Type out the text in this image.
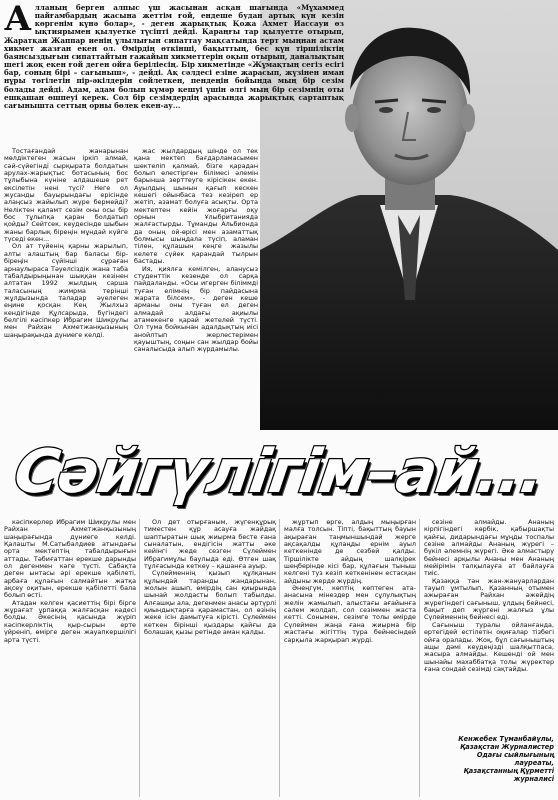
А лланың берген алпыс үш жасынан асқан шағында «Мұхаммед пайғамбардың жасына жеттім ғой, ендеше будан артық күн кезін көргенім күнә болар», - деген жарықтық Қожа Ахмет Иассауи өз ықтиярымен қылуетке түсіпті дейді. Қараңғы тар қылуетте отырып, Жаратқан Жаппар иенің ұлылығын сипаттау мақсатында терт мыңнан астам хикмет жазған екен ол. Өмірдің өткінші, бақыттың, бес күн тіршіліктің баянсыздығын сипаттайтын ғажайып хикметтерін оқып отырып, даналықтың шегі жоқ екен ғой деген ойға беріліесің. Бір хикметінде «Жұмақтың сегіз есігі бар, соның бірі – сағыныш», - дейді. Ақ сәлдесі езіне жарасып, жүзінен иман нұры төгілетін пір-әкілдерін сөйлеткен, пендеңін бойында мың бір сезім болады дейді. Адам, адам болып күмәр кешуі үшін әлгі мың бір сезімнің оты ешқашан өшпеуі керек. Сол бір сезімдердің арасында жарықтық сартаптық сағынышта сеттың орны бөлек екен-ау...

Тостағандай жанарынан мөлдіктеген жасын іркіп алмай, сәй-сүйегінді сырқырата болдатын арулах-жарықтыс ботасының бос тұлыбына күніне алдашеше рет ексілетін нені түсі? Неге ол жусанды бауырындағы ерісінде алаңсыз жайылып жүре бермейді? Неліктен қаламт сезім оны осы бір бос тұлыпқа қаран болдатып қойды? Сейтсек, кеудесінде шыбын жаны барлық біреңін мұндай күйге түседі екен...

Ол ат түйенің қарны жарылып, алты алаштың бар баласы бір-біреңін сүйінші сұраған арнаулыраса Тәуелсіздік жана таба табалдырыңынан шыққан кезінен алтатан 1992 жылдың сарша таласының жимрма терінші жұлдызында таладар әуелеген еңине қосқан Кең Жылхыз кендігінде Құлсарыда, бүгіндегі белгілі кәсіпкер Ибрагим Шикрулы мен Райхан Ахметжанқызының шаңырақында дүниеге келді.

жас жылдардың шінде ол тек қана мектеп бағдарламасымен шектеліп қалмай, бізге қарадан болып өлестірген білімесі әлемін барынша зерттеуге кірісікен екен. Ауылдың шынын қағып кескен кешегі ойынбаса тез кезіреп ер жетіп, азамат болуға асықты. Орта мектептен кейін жоғарғы оқу орнын Ұлыбританияда жалғастырды. Тұманды Альбионда да оның ой-өрісі мен азаматтық болмысы шыңдала түсіп, аламан тілен, құлашын кеңге жазылы келете сүйек қарандай тылрын бастады.

Ия, қиялға кемілген, аланусыз студенттік кезенде ол сарқа пайдаланды. «Осы игерген біліммді туған елімнің бір пайдасына жарата білсем», - деген кеше арманы оны туған ел деген алмадай алдағы ақиылы атамекенге қарай жетелей түсті. Ол тума бойкынан адалдықтың иісі анойлтып жерлестерімен қауыштың, соңын сан жылдар бойы саналысыда алып жүрдамылы.

Сәйгүлігім–ай...

кәсіпкерлер Ибрагим Шикрулы мен Райхан Ахметжанқызының шаңырағында дүниеге келді. Қалашты М.Сатыбалдиев атындағы орта мектептің табалдырығын аттады. Тәбиғаттан ерекше дарынды ол дегенмен кәге түсті. Сабақта деген ынтасы әрі ерекше қабілеті, арбаға құлағын салмайтын жатқа ақсеу оқитын, ерекше қабілетті бала болып өсті.

Атадан келген қасиеттің бірі бірге жұрағат ұрпаққа жалғасқан кәдесі болды. Әкесінің қасында жүріп кәсіпкерліктің қыр-сырын ерте үйреніп, өмірге деген жауапкершілігі арта түсті.

Ол дет отырғаным, жүгенқұрық тиместен құр асауға жайдақ шаптыратын шық жиырма бесте ғана сыналатын, ендігісін жатты әке кейінгі жеде сезген Сүлеймен Ибрагимұлы баулыда еді. Өтген шақ тұлғасында кеткеу – қашанға ауыр.

Сүлейменнің қызып құлқанын құлындай таранды жандарынан, жолын ашып, өмірдің сан қиырында шынай жолдасты болып табылды. Алғашқы ала, дегенмен анасы әртүрлі қиындықтарға қарамастан, ол өзінің жеке ісін дамытуға кірісті. Сүлеймен кеткен бірінші қыздары қайғы да болашақ қызы ретінде аман қалды.

жұртып өрге, алдың мыңырған малға толсын. Тіпті, бақыттың бауын ақыраған таңмыншындай жерге ақсақалды құлаңды ернім ауыл кеткенінде де сезбей қалды. Тіршілікте айдың шалқірек шеңберінде кісі бар, құлағын тыныш келгені туз кезіп кеткенінен естасқан айдыны жерде жүрдің.

Әнеңгүм, көптің көптеген ата-анасына мінездер мен сұлулықтың желін жамылып, алыстағы ағайынға сәлем жолдап, сол сезіммен жаста кетті. Сонымен, сезімге толы өмірде Сүлеймен жаңа ғана жиырма бір жастағы жігіттің тура бейнесіндей сарқыла жарқырап жүрді.

сезіне алмайды. Ананың кірпігіндегі көрбік, қабыршақты қайғы, дидарындағы мұңды тоспалы сезіне алмайды Ананың жүрегі – бүкіл әлемнің жүрегі. Әке алмастыру бейнесі арқылы Ананы мен Ананың мейірімін талқылауға ат байлауға тиіс.

Қазаққа тән жан-жануарлардан тауып ұмтылып, Қазанның отымен ажыраған Райхан әжейдің жүрегіндегі сағыныш, ұлдың бейнесі, бақыт деп жүргені жалғыз ұлы Сүлейменнің бейнесі еді.

Сағыныш туралы ойланғанда, ертегідей естілетін оқиғалар тізбегі ойға оралады. Жоқ, бұл сағыныштың ащы дәмі кеудеңізді шалқытпаса, жасыра алмайды. Кешенді ой мен шынайы махаббатқа толы жүректер ғана сондай сезімді сақтайды.

Кенжебек Тұманбайұлы,
Қазақстан Журналистер
Одағы сыйлығының
лауреаты,
Қазақстанның Құрметті
журналисі
